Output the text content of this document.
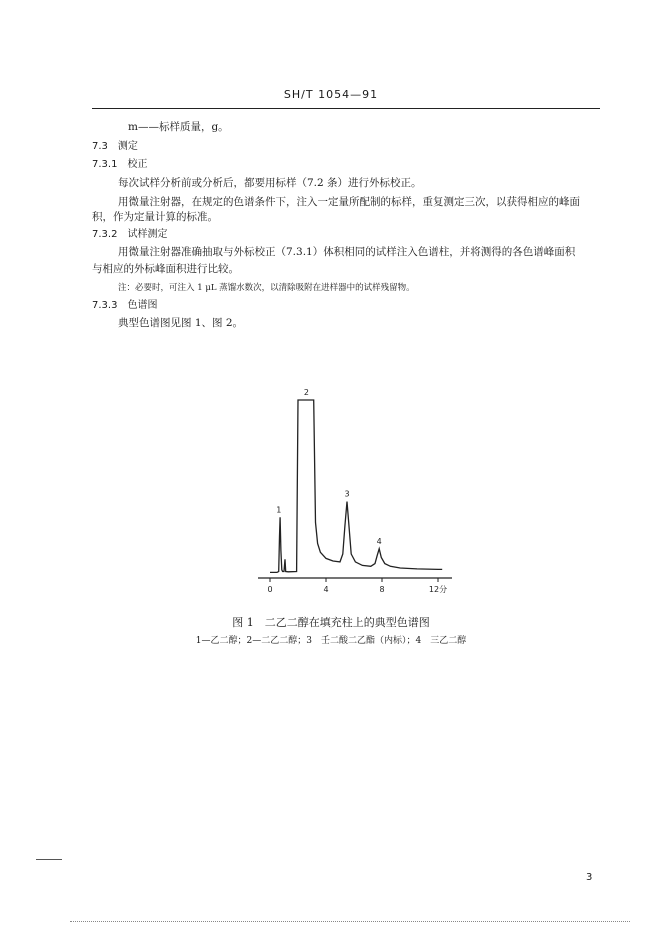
SH/T 1054—91
m——标样质量，g。
7.3　测定
7.3.1　校正
每次试样分析前或分析后，都要用标样（7.2 条）进行外标校正。
用微量注射器，在规定的色谱条件下，注入一定量所配制的标样，重复测定三次，以获得相应的峰面
积，作为定量计算的标准。
7.3.2　试样测定
用微量注射器准确抽取与外标校正（7.3.1）体积相同的试样注入色谱柱，并将测得的各色谱峰面积
与相应的外标峰面积进行比较。
注：必要时，可注入 1 μL 蒸馏水数次，以清除吸附在进样器中的试样残留物。
7.3.3　色谱图
典型色谱图见图 1、图 2。
0	4	8	12分
1
2
3
4
图 1　二乙二醇在填充柱上的典型色谱图
1—乙二醇；2—二乙二醇；3　壬二酸二乙酯（内标）；4　三乙二醇
3
